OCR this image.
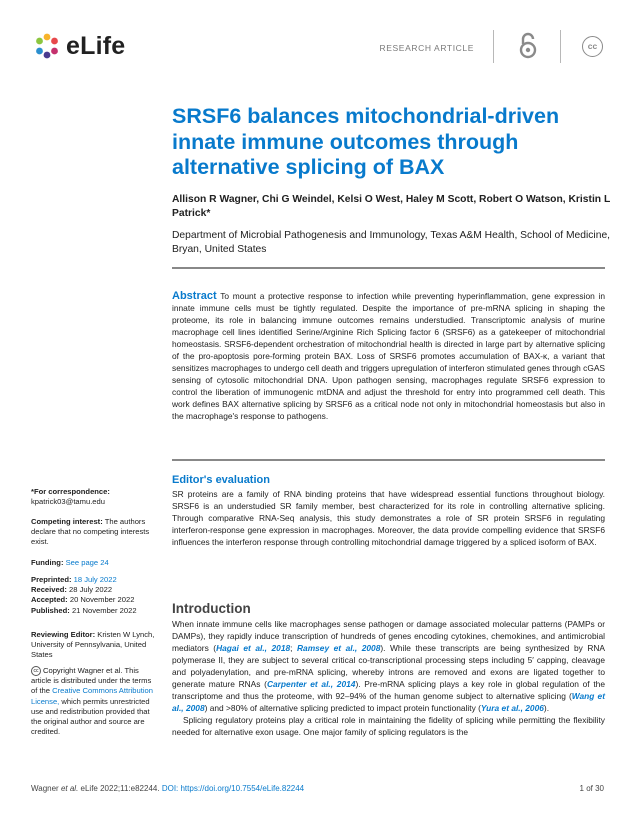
eLife	RESEARCH ARTICLE	cc
SRSF6 balances mitochondrial-driven innate immune outcomes through alternative splicing of BAX
Allison R Wagner, Chi G Weindel, Kelsi O West, Haley M Scott, Robert O Watson, Kristin L Patrick*
Department of Microbial Pathogenesis and Immunology, Texas A&M Health, School of Medicine, Bryan, United States
Abstract To mount a protective response to infection while preventing hyperinflammation, gene expression in innate immune cells must be tightly regulated. Despite the importance of pre-mRNA splicing in shaping the proteome, its role in balancing immune outcomes remains understudied. Transcriptomic analysis of murine macrophage cell lines identified Serine/Arginine Rich Splicing factor 6 (SRSF6) as a gatekeeper of mitochondrial homeostasis. SRSF6-dependent orchestration of mitochondrial health is directed in large part by alternative splicing of the pro-apoptosis pore-forming protein BAX. Loss of SRSF6 promotes accumulation of BAX-κ, a variant that sensitizes macrophages to undergo cell death and triggers upregulation of interferon stimulated genes through cGAS sensing of cytosolic mitochondrial DNA. Upon pathogen sensing, macrophages regulate SRSF6 expression to control the liberation of immunogenic mtDNA and adjust the threshold for entry into programmed cell death. This work defines BAX alternative splicing by SRSF6 as a critical node not only in mitochondrial homeostasis but also in the macrophage's response to pathogens.
Editor's evaluation
SR proteins are a family of RNA binding proteins that have widespread essential functions throughout biology. SRSF6 is an understudied SR family member, best characterized for its role in controlling alternative splicing. Through comparative RNA-Seq analysis, this study demonstrates a role of SR protein SRSF6 in regulating interferon-response gene expression in macrophages. Moreover, the data provide compelling evidence that SRSF6 influences the interferon response through controlling mitochondrial damage triggered by a spliced isoform of BAX.
Introduction

When innate immune cells like macrophages sense pathogen or damage associated molecular patterns (PAMPs or DAMPs), they rapidly induce transcription of hundreds of genes encoding cytokines, chemokines, and antimicrobial mediators (Hagai et al., 2018; Ramsey et al., 2008). While these transcripts are being synthesized by RNA polymerase II, they are subject to several critical co-transcriptional processing steps including 5′ capping, cleavage and polyadenylation, and pre-mRNA splicing, whereby introns are removed and exons are ligated together to generate mature RNAs (Carpenter et al., 2014). Pre-mRNA splicing plays a key role in global regulation of the transcriptome and thus the proteome, with 92–94% of the human genome subject to alternative splicing (Wang et al., 2008) and >80% of alternative splicing predicted to impact protein functionality (Yura et al., 2006).

Splicing regulatory proteins play a critical role in maintaining the fidelity of splicing while permitting the flexibility needed for alternative exon usage. One major family of splicing regulators is the

*For correspondence:
kpatrick03@tamu.edu
Competing interest: The authors declare that no competing interests exist.
Funding: See page 24
Preprinted: 18 July 2022
Received: 28 July 2022
Accepted: 20 November 2022
Published: 21 November 2022
Reviewing Editor: Kristen W Lynch, University of Pennsylvania, United States
cc Copyright Wagner et al. This article is distributed under the terms of the Creative Commons Attribution License, which permits unrestricted use and redistribution provided that the original author and source are credited.
Wagner et al. eLife 2022;11:e82244. DOI: https://doi.org/10.7554/eLife.82244	1 of 30
